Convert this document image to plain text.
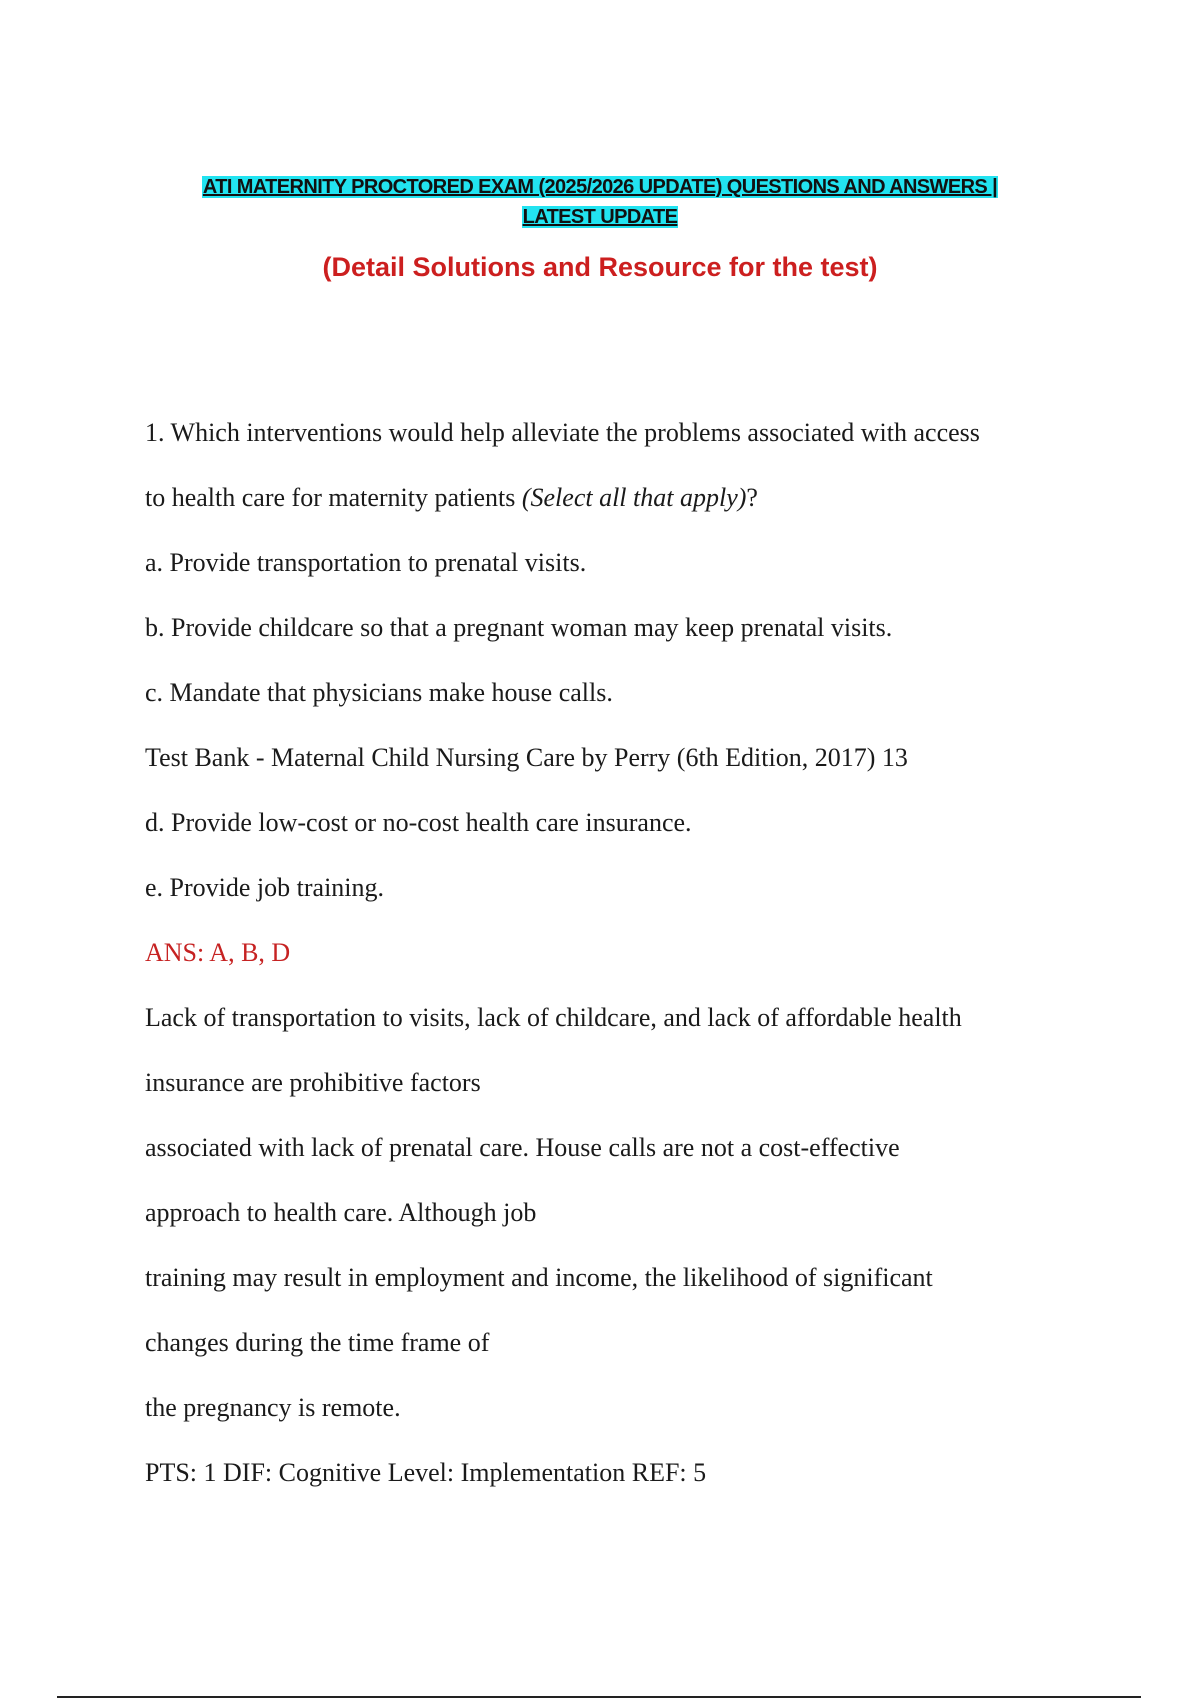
ATI MATERNITY PROCTORED EXAM (2025/2026 UPDATE) QUESTIONS AND ANSWERS |
LATEST UPDATE
(Detail Solutions and Resource for the test)

1. Which interventions would help alleviate the problems associated with access

to health care for maternity patients (Select all that apply)?

a. Provide transportation to prenatal visits.

b. Provide childcare so that a pregnant woman may keep prenatal visits.

c. Mandate that physicians make house calls.

Test Bank - Maternal Child Nursing Care by Perry (6th Edition, 2017) 13

d. Provide low-cost or no-cost health care insurance.

e. Provide job training.

ANS: A, B, D

Lack of transportation to visits, lack of childcare, and lack of affordable health

insurance are prohibitive factors

associated with lack of prenatal care. House calls are not a cost-effective

approach to health care. Although job

training may result in employment and income, the likelihood of significant

changes during the time frame of

the pregnancy is remote.

PTS: 1 DIF: Cognitive Level: Implementation REF: 5
